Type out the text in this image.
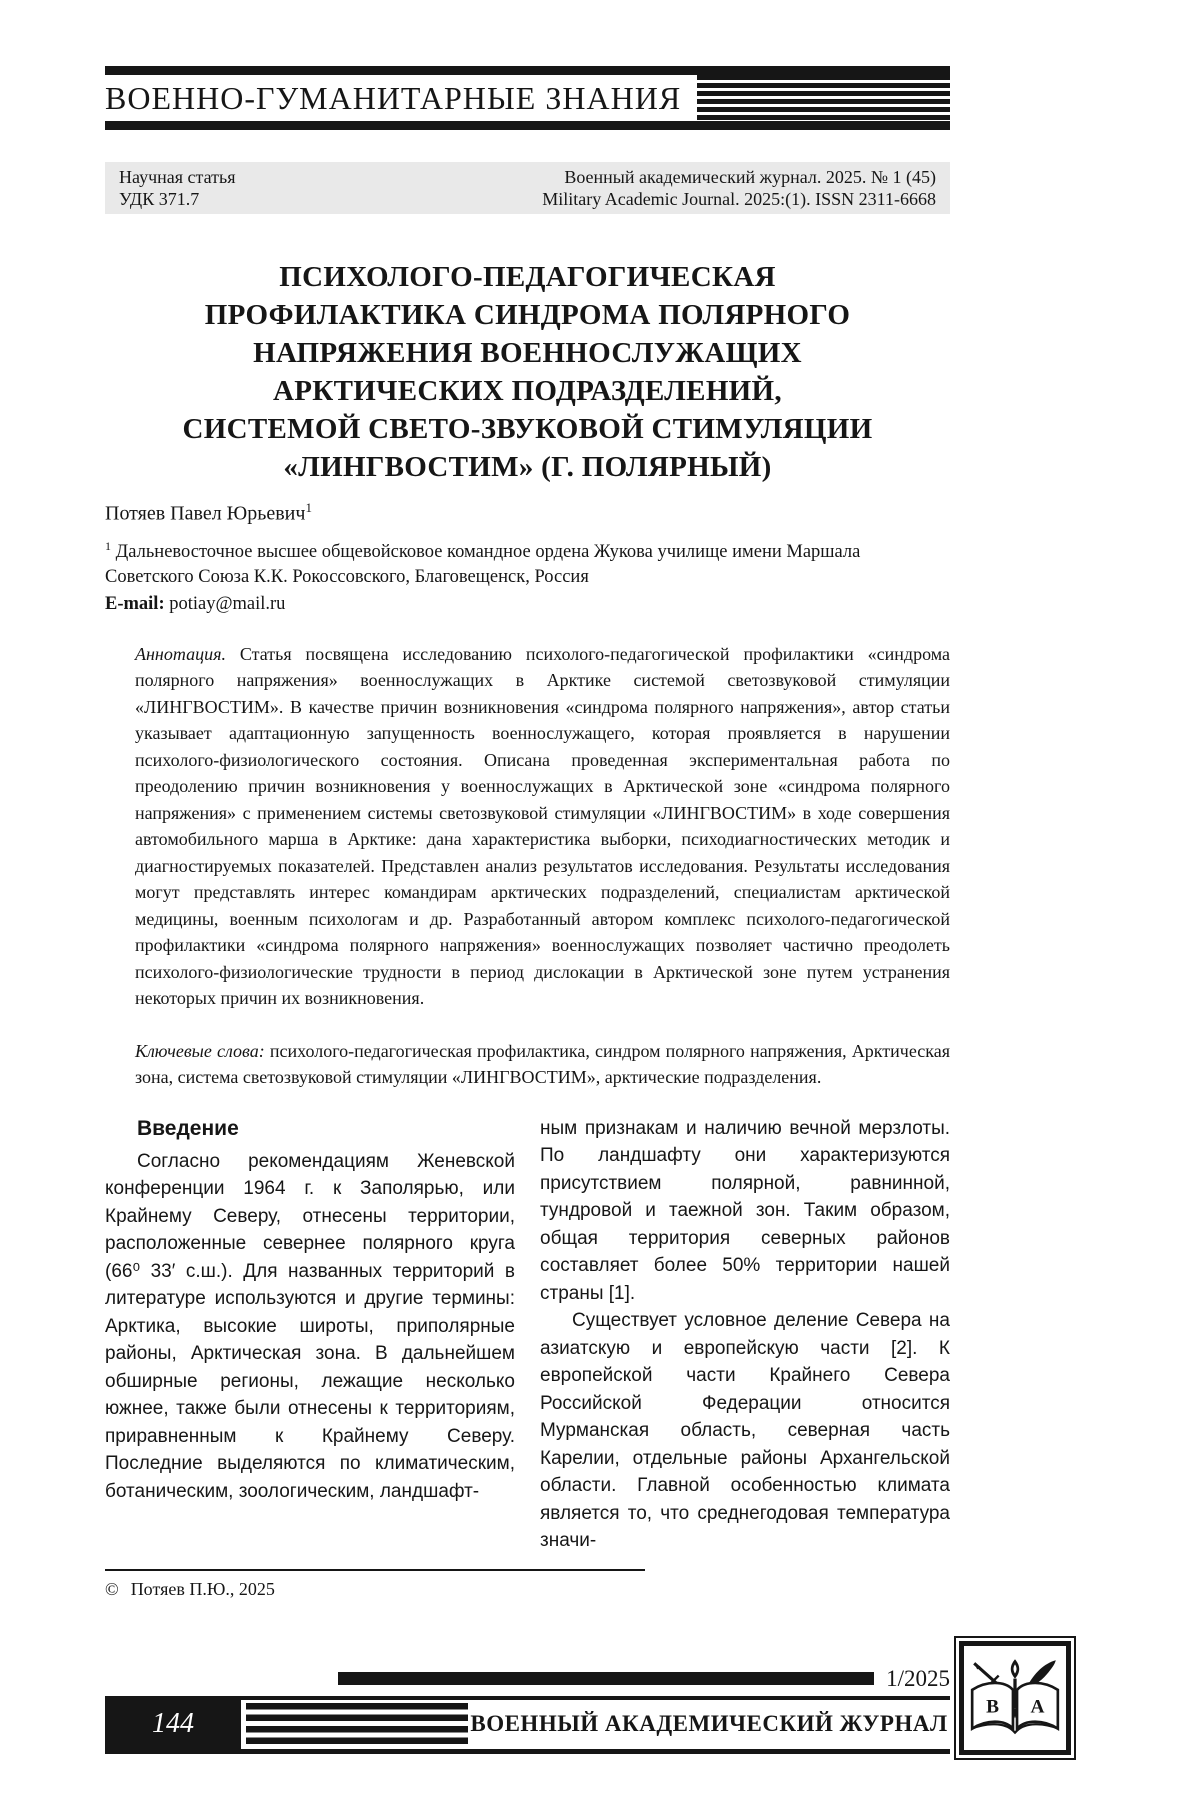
ВОЕННО-ГУМАНИТАРНЫЕ ЗНАНИЯ
Научная статья
УДК 371.7
Военный академический журнал. 2025. № 1 (45)
Military Academic Journal. 2025:(1). ISSN 2311-6668
ПСИХОЛОГО-ПЕДАГОГИЧЕСКАЯ
ПРОФИЛАКТИКА СИНДРОМА ПОЛЯРНОГО
НАПРЯЖЕНИЯ ВОЕННОСЛУЖАЩИХ
АРКТИЧЕСКИХ ПОДРАЗДЕЛЕНИЙ,
СИСТЕМОЙ СВЕТО-ЗВУКОВОЙ СТИМУЛЯЦИИ
«ЛИНГВОСТИМ» (Г. ПОЛЯРНЫЙ)
Потяев Павел Юрьевич$^1$
$^1$ Дальневосточное высшее общевойсковое командное ордена Жукова училище имени Маршала Советского Союза К.К. Рокоссовского, Благовещенск, Россия
E-mail: potiay@mail.ru

Аннотация. Статья посвящена исследованию психолого-педагогической профилактики «синдрома полярного напряжения» военнослужащих в Арктике системой светозвуковой стимуляции «ЛИНГВОСТИМ». В качестве причин возникновения «синдрома полярного напряжения», автор статьи указывает адаптационную запущенность военнослужащего, которая проявляется в нарушении психолого-физиологического состояния. Описана проведенная экспериментальная работа по преодолению причин возникновения у военнослужащих в Арктической зоне «синдрома полярного напряжения» с применением системы светозвуковой стимуляции «ЛИНГВОСТИМ» в ходе совершения автомобильного марша в Арктике: дана характеристика выборки, психодиагностических методик и диагностируемых показателей. Представлен анализ результатов исследования. Результаты исследования могут представлять интерес командирам арктических подразделений, специалистам арктической медицины, военным психологам и др. Разработанный автором комплекс психолого-педагогической профилактики «синдрома полярного напряжения» военнослужащих позволяет частично преодолеть психолого-физиологические трудности в период дислокации в Арктической зоне путем устранения некоторых причин их возникновения.

Ключевые слова: психолого-педагогическая профилактика, синдром полярного напряжения, Арктическая зона, система светозвуковой стимуляции «ЛИНГВОСТИМ», арктические подразделения.

Введение

Согласно рекомендациям Женевской конференции 1964 г. к Заполярью, или Крайнему Северу, отнесены территории, расположенные севернее полярного круга (66⁰ 33′ с.ш.). Для названных территорий в литературе используются и другие термины: Арктика, высокие широты, приполярные районы, Арктическая зона. В дальнейшем обширные регионы, лежащие несколько южнее, также были отнесены к территориям, приравненным к Крайнему Северу. Последние выделяются по климатическим, ботаническим, зоологическим, ландшафт-

ным признакам и наличию вечной мерзлоты. По ландшафту они характеризуются присутствием полярной, равнинной, тундровой и таежной зон. Таким образом, общая территория северных районов составляет более 50% территории нашей страны [1].

Существует условное деление Севера на азиатскую и европейскую части [2]. К европейской части Крайнего Севера Российской Федерации относится Мурманская область, северная часть Карелии, отдельные районы Архангельской области. Главной особенностью климата является то, что среднегодовая температура значи-

© Потяев П.Ю., 2025
1/2025
144	ВОЕННЫЙ АКАДЕМИЧЕСКИЙ ЖУРНАЛ
В А
